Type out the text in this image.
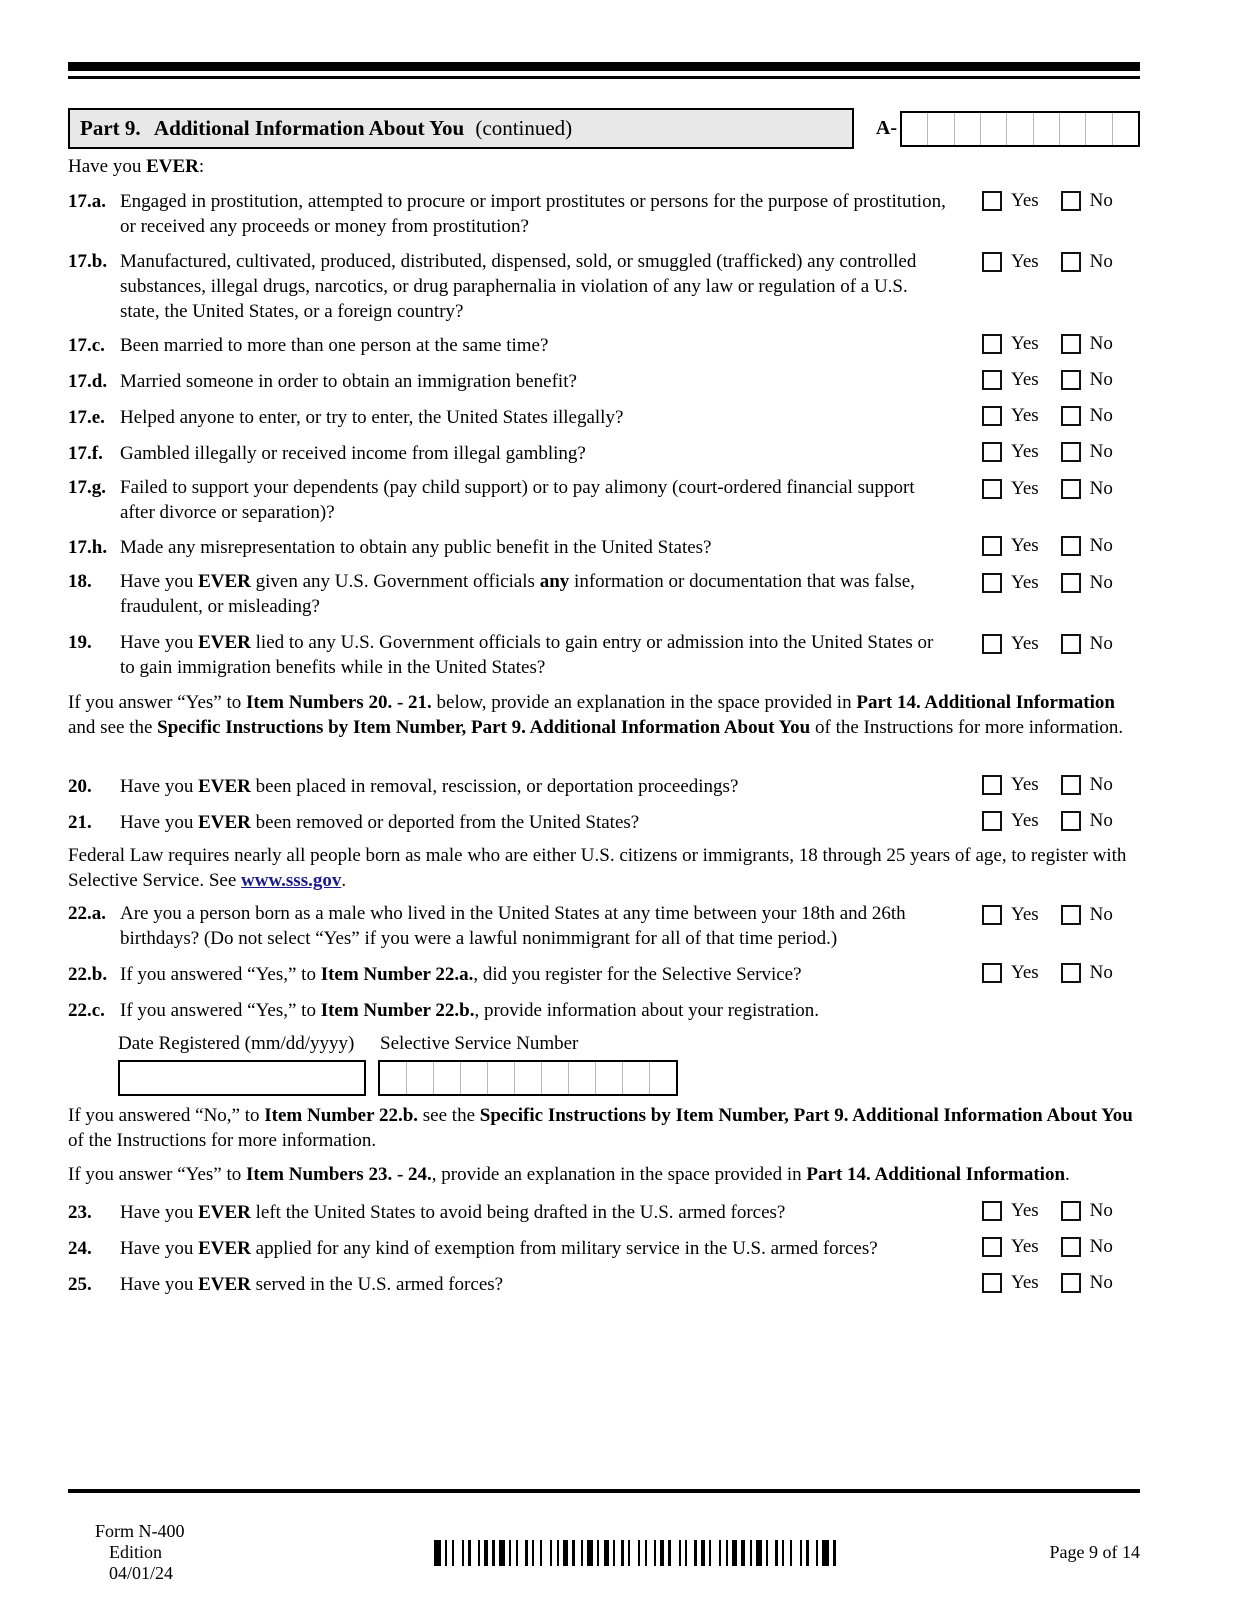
Part 9. Additional Information About You (continued)	A-
Have you EVER:
17.a. Engaged in prostitution, attempted to procure or import prostitutes or persons for the purpose of prostitution, or received any proceeds or money from prostitution?
Yes	No
17.b. Manufactured, cultivated, produced, distributed, dispensed, sold, or smuggled (trafficked) any controlled substances, illegal drugs, narcotics, or drug paraphernalia in violation of any law or regulation of a U.S. state, the United States, or a foreign country?
Yes	No
17.c. Been married to more than one person at the same time?	Yes	No
17.d. Married someone in order to obtain an immigration benefit?	Yes	No
17.e. Helped anyone to enter, or try to enter, the United States illegally?	Yes	No
17.f. Gambled illegally or received income from illegal gambling?	Yes	No
17.g. Failed to support your dependents (pay child support) or to pay alimony (court-ordered financial support after divorce or separation)?
Yes	No
17.h. Made any misrepresentation to obtain any public benefit in the United States?	Yes	No
18.	Have you EVER given any U.S. Government officials any information or documentation that was false, fraudulent, or misleading?
Yes	No
19.	Have you EVER lied to any U.S. Government officials to gain entry or admission into the United States or to gain immigration benefits while in the United States?
Yes	No
If you answer “Yes” to Item Numbers 20. - 21. below, provide an explanation in the space provided in Part 14. Additional Information and see the Specific Instructions by Item Number, Part 9. Additional Information About You of the Instructions for more information.
20.	Have you EVER been placed in removal, rescission, or deportation proceedings?	Yes	No
21.	Have you EVER been removed or deported from the United States?	Yes	No
Federal Law requires nearly all people born as male who are either U.S. citizens or immigrants, 18 through 25 years of age, to register with Selective Service. See www.sss.gov.
22.a. Are you a person born as a male who lived in the United States at any time between your 18th and 26th birthdays? (Do not select “Yes” if you were a lawful nonimmigrant for all of that time period.)
Yes	No
22.b. If you answered “Yes,” to Item Number 22.a., did you register for the Selective Service?	Yes	No
22.c. If you answered “Yes,” to Item Number 22.b., provide information about your registration.
Date Registered (mm/dd/yyyy)	Selective Service Number
If you answered “No,” to Item Number 22.b. see the Specific Instructions by Item Number, Part 9. Additional Information About You of the Instructions for more information.
If you answer “Yes” to Item Numbers 23. - 24., provide an explanation in the space provided in Part 14. Additional Information.
23.	Have you EVER left the United States to avoid being drafted in the U.S. armed forces?	Yes	No
24.	Have you EVER applied for any kind of exemption from military service in the U.S. armed forces?	Yes	No
25.	Have you EVER served in the U.S. armed forces?	Yes	No

Form N-400
Edition
04/01/24

Page 9 of 14
